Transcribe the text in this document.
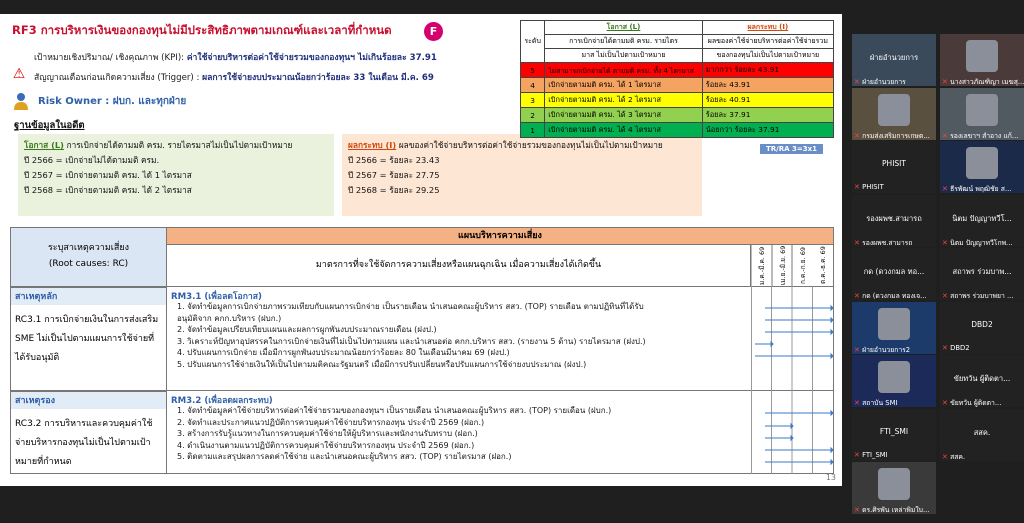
RF3 การบริหารเงินของกองทุนไม่มีประสิทธิภาพตามเกณฑ์และเวลาที่กำหนด	F
เป้าหมายเชิงปริมาณ/ เชิงคุณภาพ (KPI): ค่าใช้จ่ายบริหารต่อค่าใช้จ่ายรวมของกองทุนฯ ไม่เกินร้อยละ 37.91
⚠	สัญญาณเตือนก่อนเกิดความเสี่ยง (Trigger) : ผลการใช้จ่ายงบประมาณน้อยกว่าร้อยละ 33 ในเดือน มี.ค. 69
Risk Owner : ฝบก. และทุกฝ่าย
ฐานข้อมูลในอดีต
โอกาส (L) การเบิกจ่ายได้ตามมติ ครม. รายไตรมาสไม่เป็นไปตามเป้าหมาย
ปี 2566 = เบิกจ่ายไม่ได้ตามมติ ครม.
ปี 2567 = เบิกจ่ายตามมติ ครม. ได้ 1 ไตรมาส
ปี 2568 = เบิกจ่ายตามมติ ครม. ได้ 2 ไตรมาส
ผลกระทบ (I) ผลของค่าใช้จ่ายบริหารต่อค่าใช้จ่ายรวมของกองทุนไม่เป็นไปตามเป้าหมาย
ปี 2566 = ร้อยละ 23.43
ปี 2567 = ร้อยละ 27.75
ปี 2568 = ร้อยละ 29.25
ระดับ	โอกาส (L)	ผลกระทบ (I)
	การเบิกจ่ายได้ตามมติ ครม. รายไตร	ผลของค่าใช้จ่ายบริหารต่อค่าใช้จ่ายรวม
	มาส ไม่เป็นไปตามเป้าหมาย	ของกองทุนไม่เป็นไปตามเป้าหมาย
5	ไม่สามารถเบิกจ่ายได้ ตามมติ ครม. ทั้ง 4 ไตรมาส	มากกว่า ร้อยละ 43.91
4	เบิกจ่ายตามมติ ครม. ได้ 1 ไตรมาส	ร้อยละ 43.91
3	เบิกจ่ายตามมติ ครม. ได้ 2 ไตรมาส	ร้อยละ 40.91
2	เบิกจ่ายตามมติ ครม. ได้ 3 ไตรมาส	ร้อยละ 37.91
1	เบิกจ่ายตามมติ ครม. ได้ 4 ไตรมาส	น้อยกว่า ร้อยละ 37.91
TR/RA 3=3x1
ระบุสาเหตุความเสี่ยง
(Root causes: RC)
แผนบริหารความเสี่ยง
มาตรการที่จะใช้จัดการความเสี่ยงหรือแผนฉุกเฉิน เมื่อความเสี่ยงได้เกิดขึ้น	ม.ค.-มี.ค. 69	เม.ย.-มิ.ย. 69	ก.ค.-ก.ย. 69	ต.ค.-ธ.ค. 69
สาเหตุหลัก
RC3.1 การเบิกจ่ายเงินในการส่งเสริม SME ไม่เป็นไปตามแผนการใช้จ่ายที่ได้รับอนุมัติ
RM3.1 (เพื่อลดโอกาส)
1. จัดทำข้อมูลการเบิกจ่ายภาพรวมเทียบกับแผนการเบิกจ่าย เป็นรายเดือน นำเสนอคณะผู้บริหาร สสว. (TOP) รายเดือน ตามปฏิทินที่ได้รับ
อนุมัติจาก คกก.บริหาร (ฝบก.)
2. จัดทำข้อมูลเปรียบเทียบแผนและผลการผูกพันงบประมาณรายเดือน (ฝงป.)
3. วิเคราะห์ปัญหาอุปสรรคในการเบิกจ่ายเงินที่ไม่เป็นไปตามแผน และนำเสนอต่อ คกก.บริหาร สสว. (รายงาน 5 ด้าน) รายไตรมาส (ฝงป.)
4. ปรับแผนการเบิกจ่าย เมื่อมีการผูกพันงบประมาณน้อยกว่าร้อยละ 80 ในเดือนมีนาคม 69 (ฝงป.)
5. ปรับแผนการใช้จ่ายเงินให้เป็นไปตามมติคณะรัฐมนตรี เมื่อมีการปรับเปลี่ยนหรือปรับแผนการใช้จ่ายงบประมาณ (ฝงป.)
สาเหตุรอง
RC3.2 การบริหารและควบคุมค่าใช้จ่ายบริหารกองทุนไม่เป็นไปตามเป้าหมายที่กำหนด
RM3.2 (เพื่อลดผลกระทบ)
1. จัดทำข้อมูลค่าใช้จ่ายบริหารต่อค่าใช้จ่ายรวมของกองทุนฯ เป็นรายเดือน นำเสนอคณะผู้บริหาร สสว. (TOP) รายเดือน (ฝบก.)
2. จัดทำและประกาศแนวปฏิบัติการควบคุมค่าใช้จ่ายบริหารกองทุน ประจำปี 2569 (ฝอก.)
3. สร้างการรับรู้แนวทางในการควบคุมค่าใช้จ่ายให้ผู้บริหารและพนักงานรับทราบ (ฝอก.)
4. ดำเนินงานตามแนวปฏิบัติการควบคุมค่าใช้จ่ายบริหารกองทุน ประจำปี 2569 (ฝอก.)
5. ติดตามและสรุปผลการลดค่าใช้จ่าย และนำเสนอคณะผู้บริหาร สสว. (TOP) รายไตรมาส (ฝอก.)
13
ฝ่ายอำนวยการ
✕ ฝ่ายอำนวยการ	✕ นางสาวภัณฑิญา เมฆสุ...
✕ กรมส่งเสริมการเกษต...	✕ รองเลขาฯ สำอาง แก้...
PHISIT
✕ PHISIT	✕ ธีรพัฒน์ พฤฒิชัย ส...
รองผพช.สามารถ
✕ รองผพช.สามารถ
นิตม ปัญญาทวีโ...
✕ นิตม ปัญญาทวีโกพ...
กด (ดวงกมล ทอ...
✕ กด (ดวงกมล ทองเจ...
สถาพร ร่วมบาพ...
✕ สถาพร ร่วมบาพยา ...
✕ ฝ่ายอำนวยการ2
DBD2
✕ DBD2
✕ สถาบัน SMI
ขัยทวัน ผู้ติดตา...
✕ ขัยทวัน ผู้ติดตา...
FTI_SMI
✕ FTI_SMI
สสค.
✕ สสค.
✕ ดร.ศิรพัน เหล่าพิมใบ...
